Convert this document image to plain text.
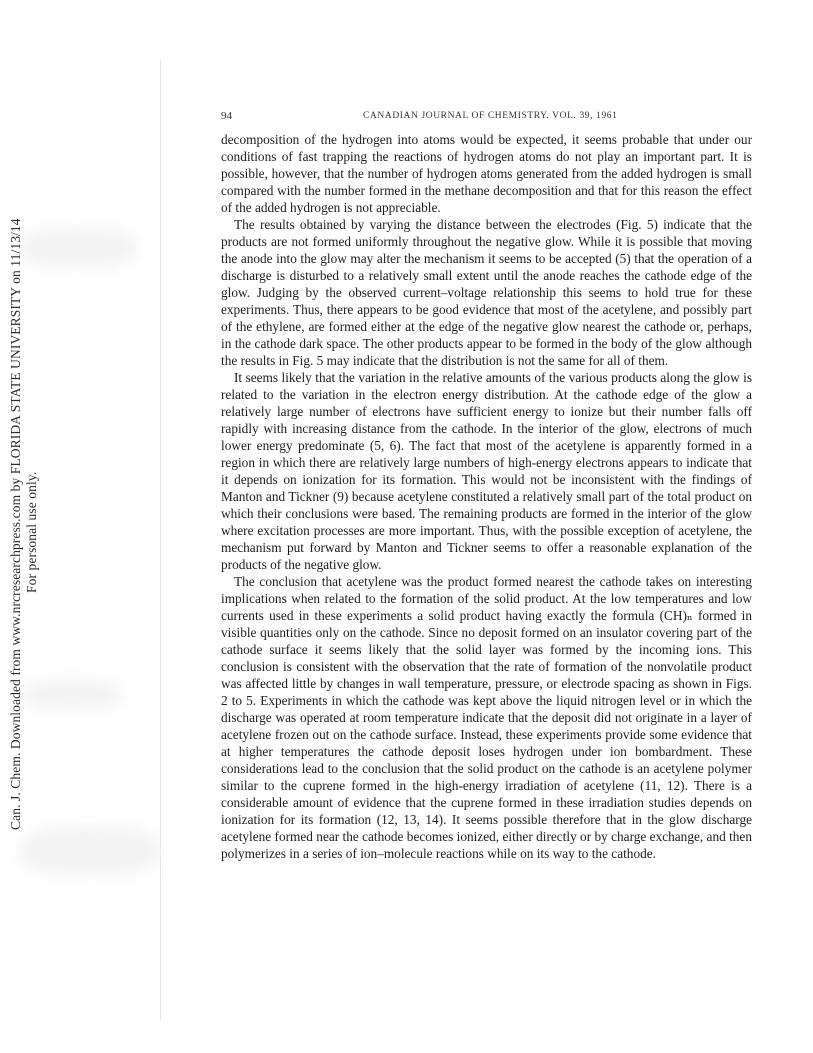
Can. J. Chem. Downloaded from www.nrcresearchpress.com by FLORIDA STATE UNIVERSITY on 11/13/14 For personal use only.
94	CANADIAN JOURNAL OF CHEMISTRY. VOL. 39, 1961

decomposition of the hydrogen into atoms would be expected, it seems probable that under our conditions of fast trapping the reactions of hydrogen atoms do not play an important part. It is possible, however, that the number of hydrogen atoms generated from the added hydrogen is small compared with the number formed in the methane decomposition and that for this reason the effect of the added hydrogen is not appreciable.

The results obtained by varying the distance between the electrodes (Fig. 5) indicate that the products are not formed uniformly throughout the negative glow. While it is possible that moving the anode into the glow may alter the mechanism it seems to be accepted (5) that the operation of a discharge is disturbed to a relatively small extent until the anode reaches the cathode edge of the glow. Judging by the observed current–voltage relationship this seems to hold true for these experiments. Thus, there appears to be good evidence that most of the acetylene, and possibly part of the ethylene, are formed either at the edge of the negative glow nearest the cathode or, perhaps, in the cathode dark space. The other products appear to be formed in the body of the glow although the results in Fig. 5 may indicate that the distribution is not the same for all of them.

It seems likely that the variation in the relative amounts of the various products along the glow is related to the variation in the electron energy distribution. At the cathode edge of the glow a relatively large number of electrons have sufficient energy to ionize but their number falls off rapidly with increasing distance from the cathode. In the interior of the glow, electrons of much lower energy predominate (5, 6). The fact that most of the acetylene is apparently formed in a region in which there are relatively large numbers of high-energy electrons appears to indicate that it depends on ionization for its formation. This would not be inconsistent with the findings of Manton and Tickner (9) because acetylene constituted a relatively small part of the total product on which their conclusions were based. The remaining products are formed in the interior of the glow where excitation processes are more important. Thus, with the possible exception of acetylene, the mechanism put forward by Manton and Tickner seems to offer a reasonable explanation of the products of the negative glow.

The conclusion that acetylene was the product formed nearest the cathode takes on interesting implications when related to the formation of the solid product. At the low temperatures and low currents used in these experiments a solid product having exactly the formula (CH)ₙ formed in visible quantities only on the cathode. Since no deposit formed on an insulator covering part of the cathode surface it seems likely that the solid layer was formed by the incoming ions. This conclusion is consistent with the observation that the rate of formation of the nonvolatile product was affected little by changes in wall temperature, pressure, or electrode spacing as shown in Figs. 2 to 5. Experiments in which the cathode was kept above the liquid nitrogen level or in which the discharge was operated at room temperature indicate that the deposit did not originate in a layer of acetylene frozen out on the cathode surface. Instead, these experiments provide some evidence that at higher temperatures the cathode deposit loses hydrogen under ion bombardment. These considerations lead to the conclusion that the solid product on the cathode is an acetylene polymer similar to the cuprene formed in the high-energy irradiation of acetylene (11, 12). There is a considerable amount of evidence that the cuprene formed in these irradiation studies depends on ionization for its formation (12, 13, 14). It seems possible therefore that in the glow discharge acetylene formed near the cathode becomes ionized, either directly or by charge exchange, and then polymerizes in a series of ion–molecule reactions while on its way to the cathode.
